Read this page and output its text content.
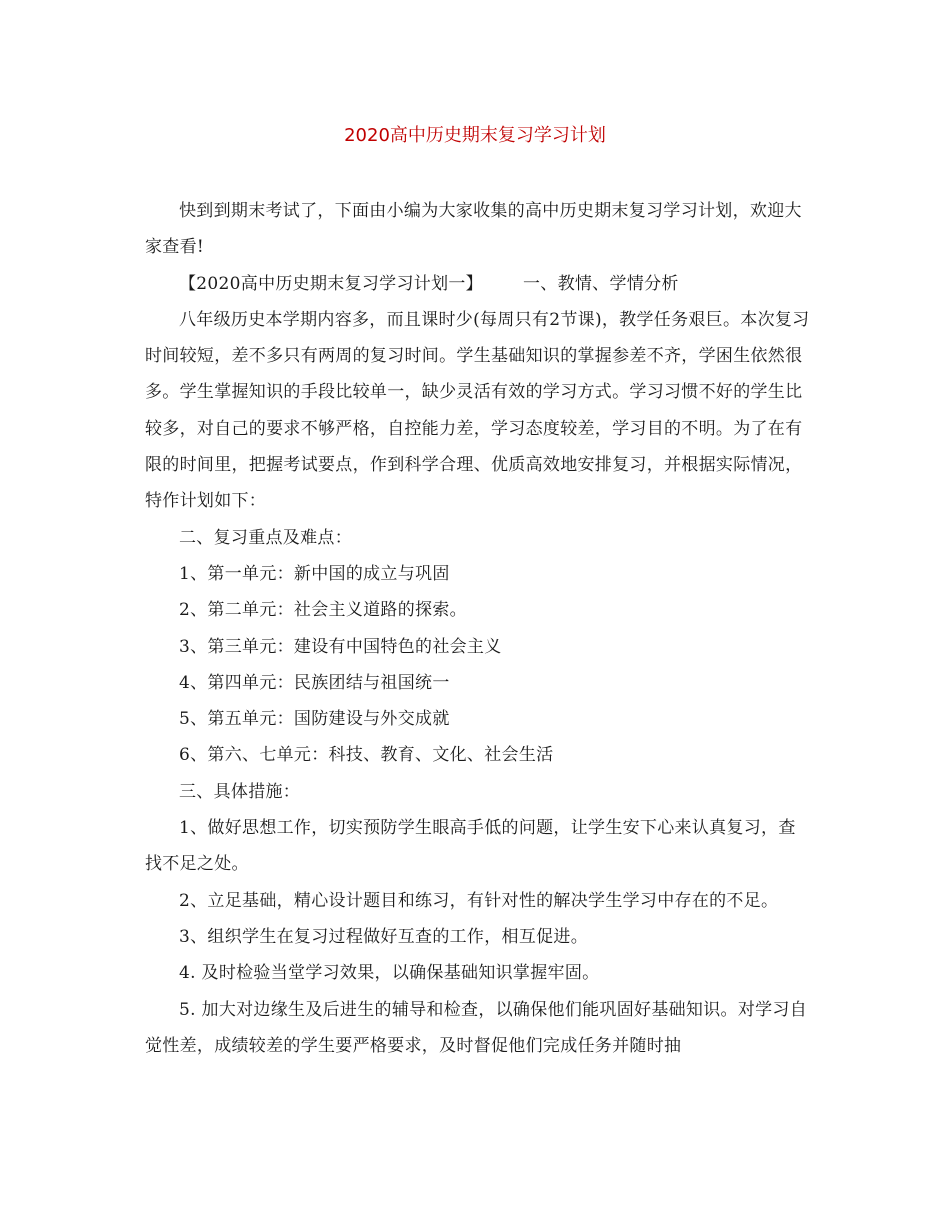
2020高中历史期末复习学习计划

快到到期末考试了，下面由小编为大家收集的高中历史期末复习学习计划，欢迎大家查看!

【2020高中历史期末复习学习计划一】 一、教情、学情分析

八年级历史本学期内容多，而且课时少(每周只有2节课)，教学任务艰巨。本次复习时间较短，差不多只有两周的复习时间。学生基础知识的掌握参差不齐，学困生依然很多。学生掌握知识的手段比较单一，缺少灵活有效的学习方式。学习习惯不好的学生比较多，对自己的要求不够严格，自控能力差，学习态度较差，学习目的不明。为了在有限的时间里，把握考试要点，作到科学合理、优质高效地安排复习，并根据实际情况，特作计划如下：

二、复习重点及难点：

1、第一单元：新中国的成立与巩固

2、第二单元：社会主义道路的探索。

3、第三单元：建设有中国特色的社会主义

4、第四单元：民族团结与祖国统一

5、第五单元：国防建设与外交成就

6、第六、七单元：科技、教育、文化、社会生活

三、具体措施：

1、做好思想工作，切实预防学生眼高手低的问题，让学生安下心来认真复习，查找不足之处。

2、立足基础，精心设计题目和练习，有针对性的解决学生学习中存在的不足。

3、组织学生在复习过程做好互查的工作，相互促进。

4. 及时检验当堂学习效果，以确保基础知识掌握牢固。

5. 加大对边缘生及后进生的辅导和检查，以确保他们能巩固好基础知识。对学习自觉性差，成绩较差的学生要严格要求，及时督促他们完成任务并随时抽
